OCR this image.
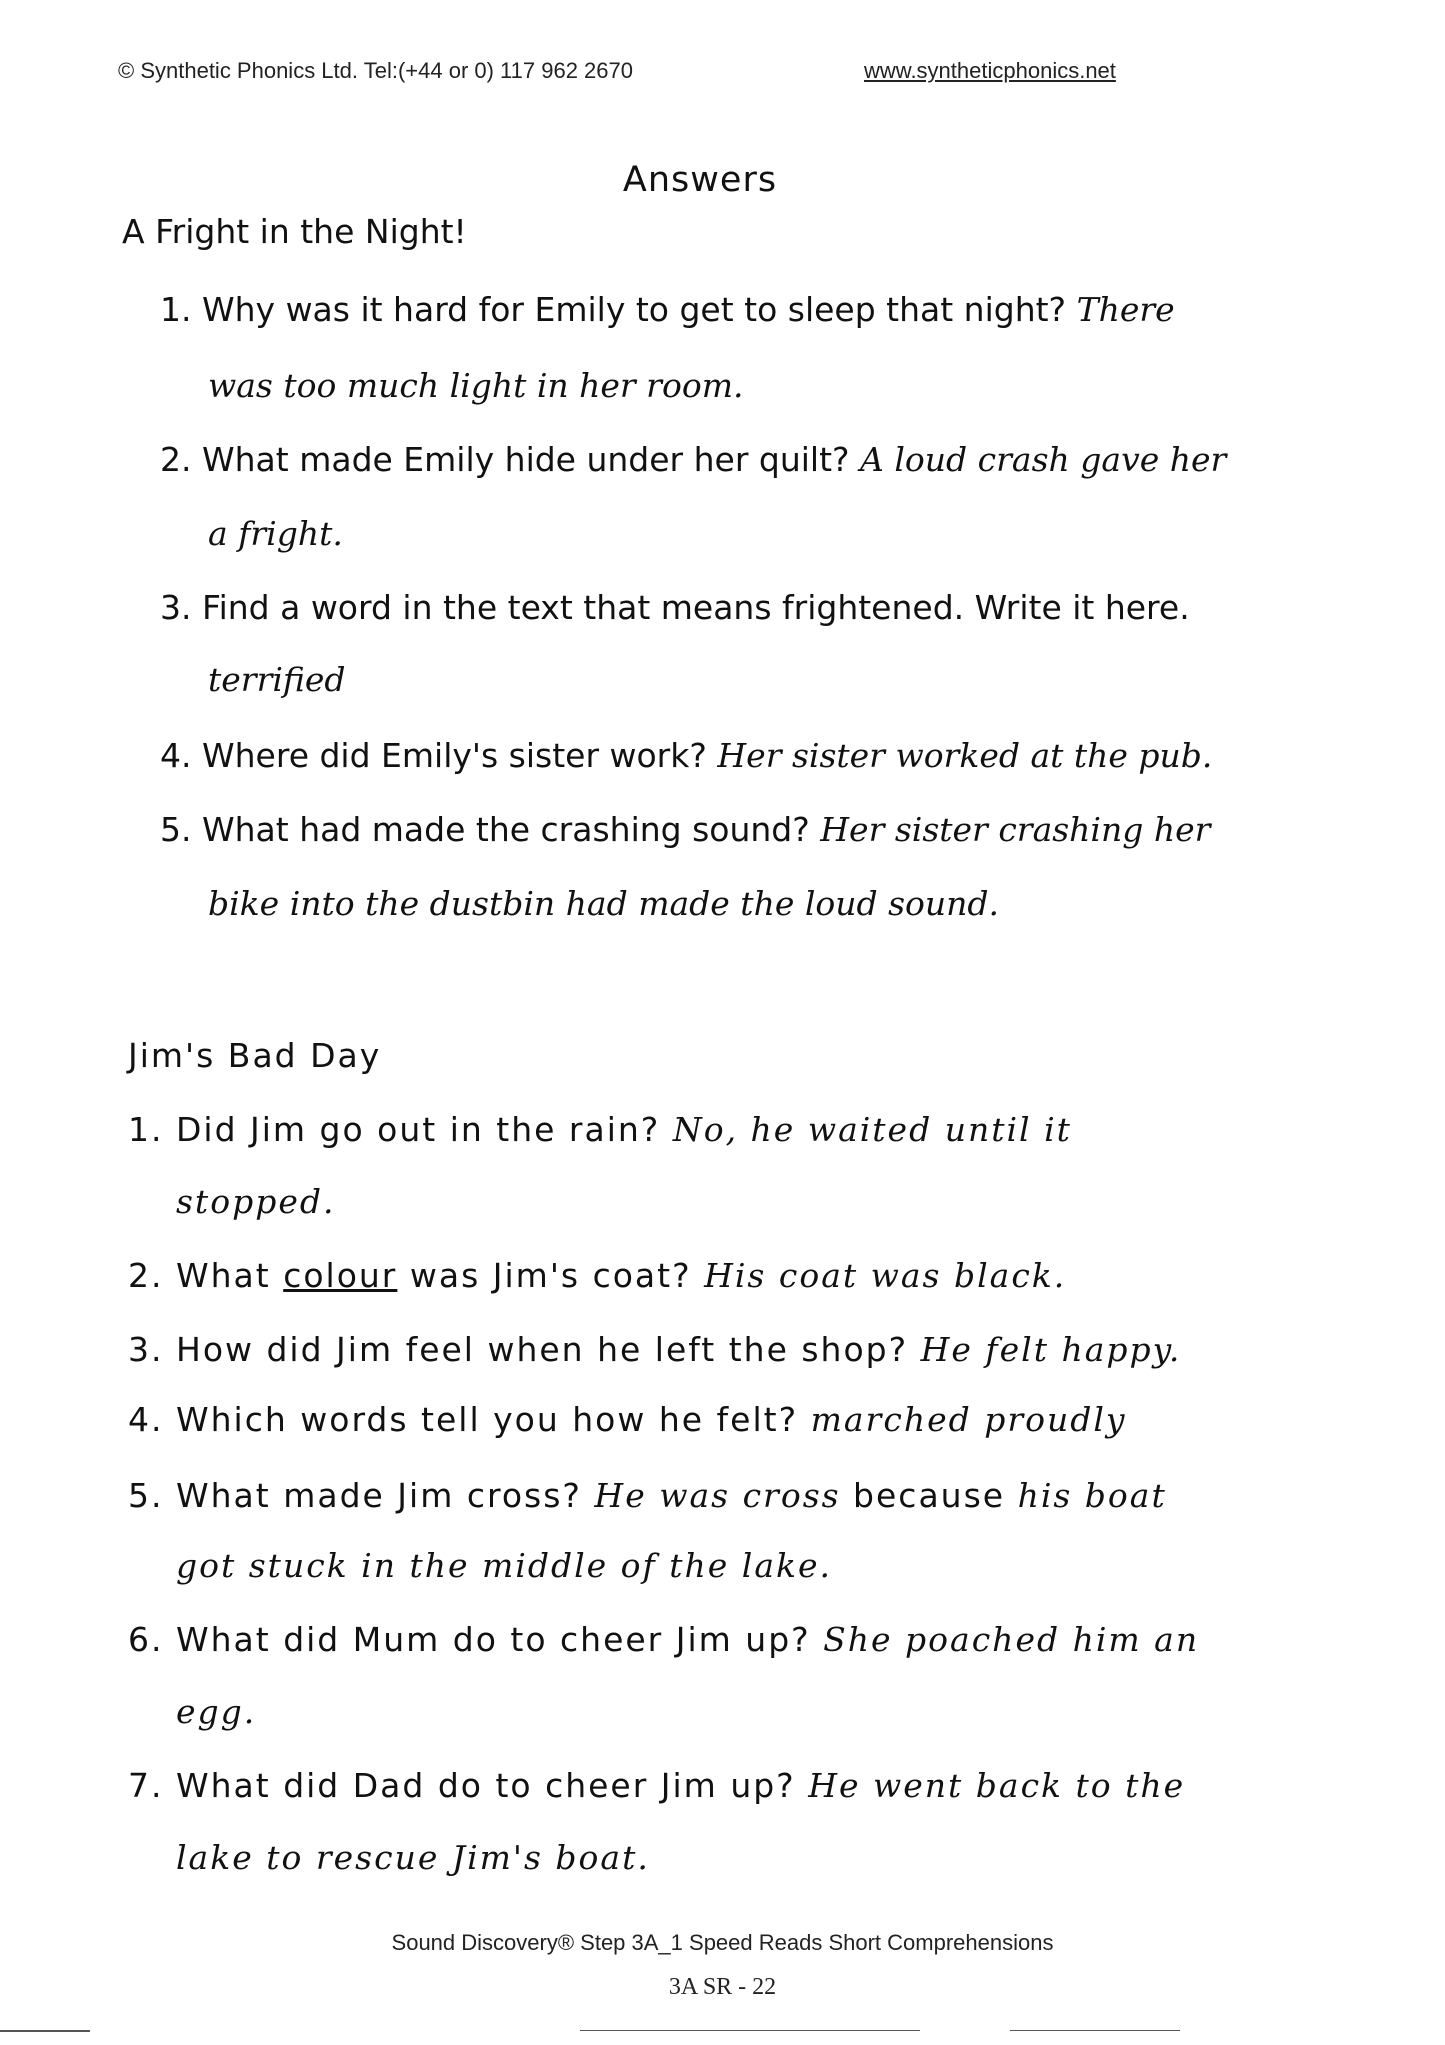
© Synthetic Phonics Ltd. Tel:(+44 or 0) 117 962 2670	www.syntheticphonics.net
Answers
A Fright in the Night!
1. Why was it hard for Emily to get to sleep that night? There
was too much light in her room.
2. What made Emily hide under her quilt? A loud crash gave her
a fright.
3. Find a word in the text that means frightened. Write it here.
terrified
4. Where did Emily's sister work? Her sister worked at the pub.
5. What had made the crashing sound? Her sister crashing her
bike into the dustbin had made the loud sound.
Jim's Bad Day
1. Did Jim go out in the rain? No, he waited until it
stopped.
2. What colour was Jim's coat? His coat was black.
3. How did Jim feel when he left the shop? He felt happy.
4. Which words tell you how he felt? marched proudly
5. What made Jim cross? He was cross because his boat
got stuck in the middle of the lake.
6. What did Mum do to cheer Jim up? She poached him an
egg.
7. What did Dad do to cheer Jim up? He went back to the
lake to rescue Jim's boat.
Sound Discovery® Step 3A_1 Speed Reads Short Comprehensions
3A SR - 22
